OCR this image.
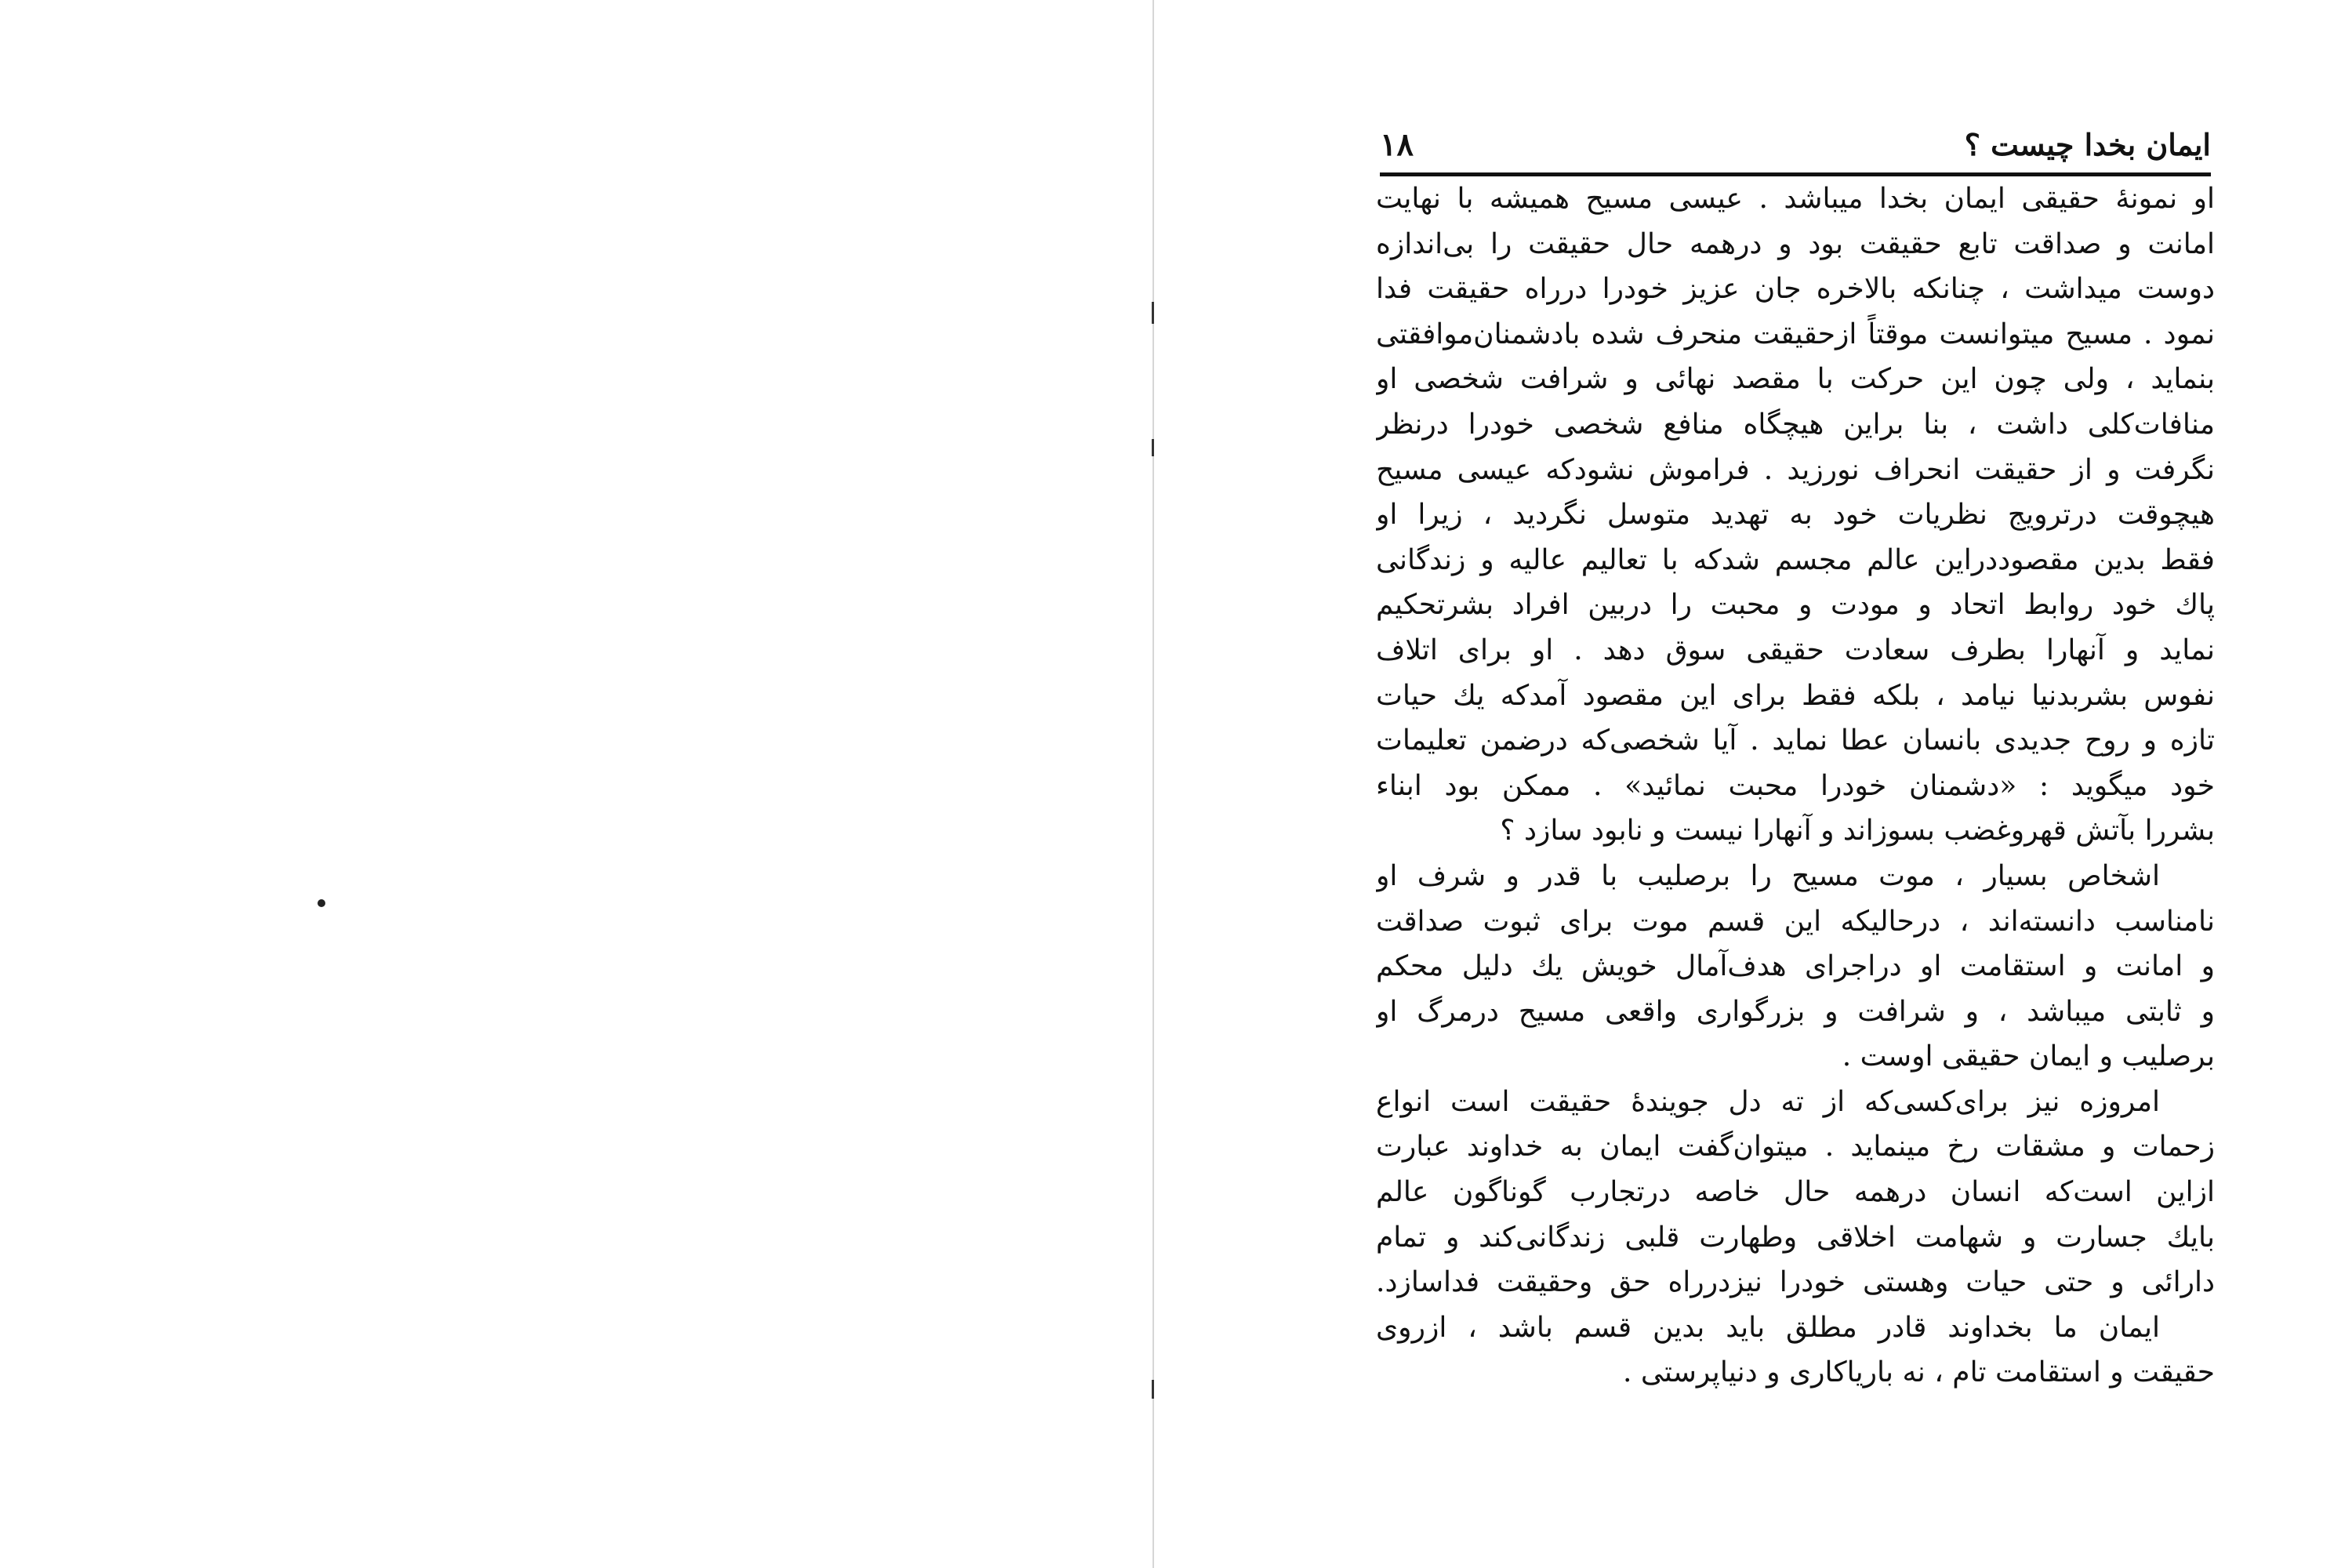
ایمان بخدا چیست ؟
۱۸
او نمونهٔ حقیقی ایمان بخدا میباشد . عیسی مسیح همیشه با نهایت
امانت و صداقت تابع حقیقت بود و درهمه حال حقیقت را بی‌اندازه
دوست میداشت ، چنانکه بالاخره جان عزیز خودرا درراه حقیقت فدا
نمود . مسیح میتوانست موقتاً ازحقیقت منحرف شده بادشمنان‌موافقتی
بنماید ، ولی چون این حرکت با مقصد نهائی و شرافت شخصی او
منافات‌کلی داشت ، بنا براین هیچگاه منافع شخصی خودرا درنظر
نگرفت و از حقیقت انحراف نورزید . فراموش نشودکه عیسی مسیح
هیچوقت درترویج نظریات خود به تهدید متوسل نگردید ، زیرا او
فقط بدین مقصود‌دراین عالم مجسم شدکه با تعالیم عالیه و زندگانی
پاك خود روابط اتحاد و مودت و محبت را دربین افراد بشرتحکیم
نماید و آنهارا بطرف سعادت حقیقی سوق دهد . او برای اتلاف
نفوس بشربدنیا نیامد ، بلکه فقط برای این مقصود آمدکه یك حیات
تازه و روح جدیدی بانسان عطا نماید . آیا شخصی‌که درضمن تعلیمات
خود میگوید : «دشمنان خودرا محبت نمائید» . ممکن بود ابناء
بشررا بآتش قهروغضب بسوزاند و آنهارا نیست و نابود سازد ؟
اشخاص بسیار ، موت مسیح را برصلیب با قدر و شرف او
نامناسب دانسته‌اند ، درحالیکه این قسم موت برای ثبوت صداقت
و امانت و استقامت او دراجرای هدف‌آمال خویش یك دلیل محکم
و ثابتی میباشد ، و شرافت و بزرگواری واقعی مسیح درمرگ او
برصلیب و ایمان حقیقی اوست .
امروزه نیز برای‌کسی‌که از ته دل جویندهٔ حقیقت است انواع
زحمات و مشقات رخ مینماید . میتوان‌گفت ایمان به خداوند عبارت
ازاین است‌که انسان درهمه حال خاصه درتجارب گوناگون عالم
بایك جسارت و شهامت اخلاقی وطهارت قلبی زندگانی‌کند و تمام
دارائی و حتی حیات وهستی خودرا نیزدرراه حق وحقیقت فداسازد.
ایمان ما بخداوند قادر مطلق باید بدین قسم باشد ، ازروی
حقیقت و استقامت تام ، نه باریاکاری و دنیاپرستی .
